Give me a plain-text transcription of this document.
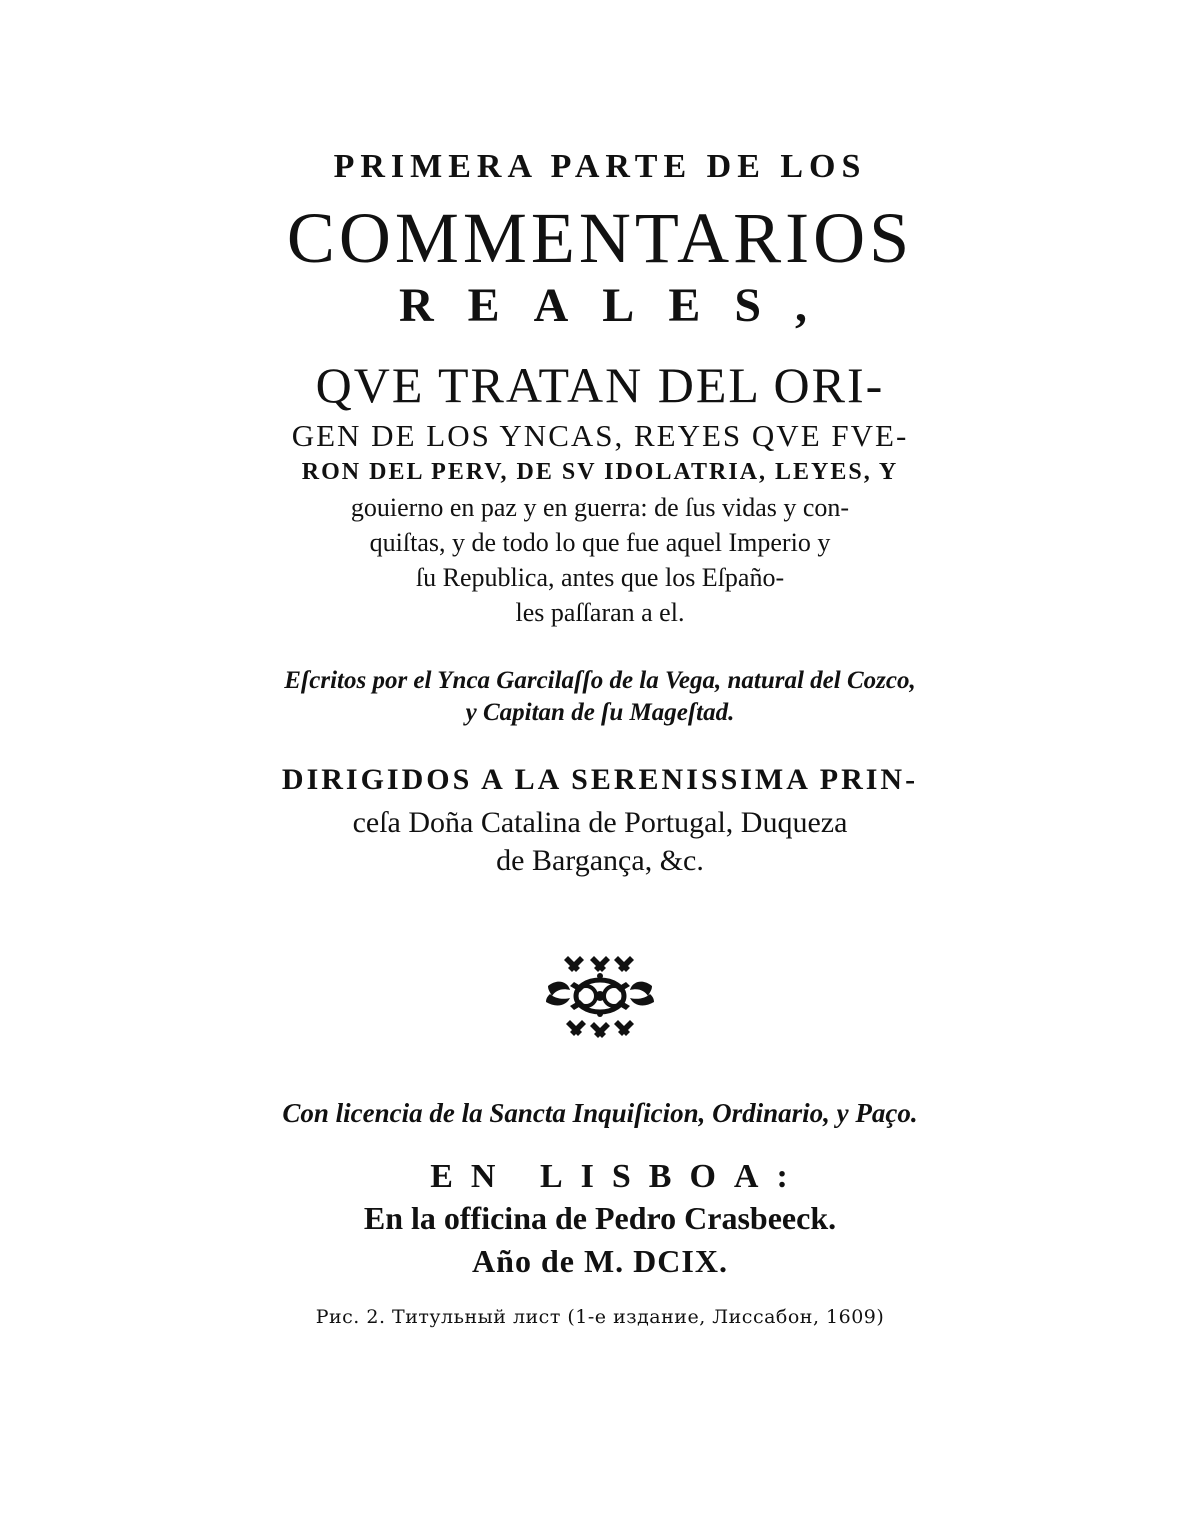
PRIMERA PARTE DE LOS

COMMENTARIOS

REALES,

QVE TRATAN DEL ORI-

GEN DE LOS YNCAS, REYES QVE FVE-

RON DEL PERV, DE SV IDOLATRIA, LEYES, Y

gouierno en paz y en guerra: de ſus vidas y con-

quiſtas, y de todo lo que fue aquel Imperio y

ſu Republica, antes que los Eſpaño-

les paſſaran a el.

Eſcritos por el Ynca Garcilaſſo de la Vega, natural del Cozco,

y Capitan de ſu Mageſtad.

DIRIGIDOS A LA SERENISSIMA PRIN-

ceſa Doña Catalina de Portugal, Duqueza

de Bargança, &c.

Con licencia de la Sancta Inquiſicion, Ordinario, y Paço.

EN LISBOA:

En la officina de Pedro Crasbeeck.

Año de M. DCIX.

Рис. 2. Титульный лист (1-е издание, Лиссабон, 1609)
